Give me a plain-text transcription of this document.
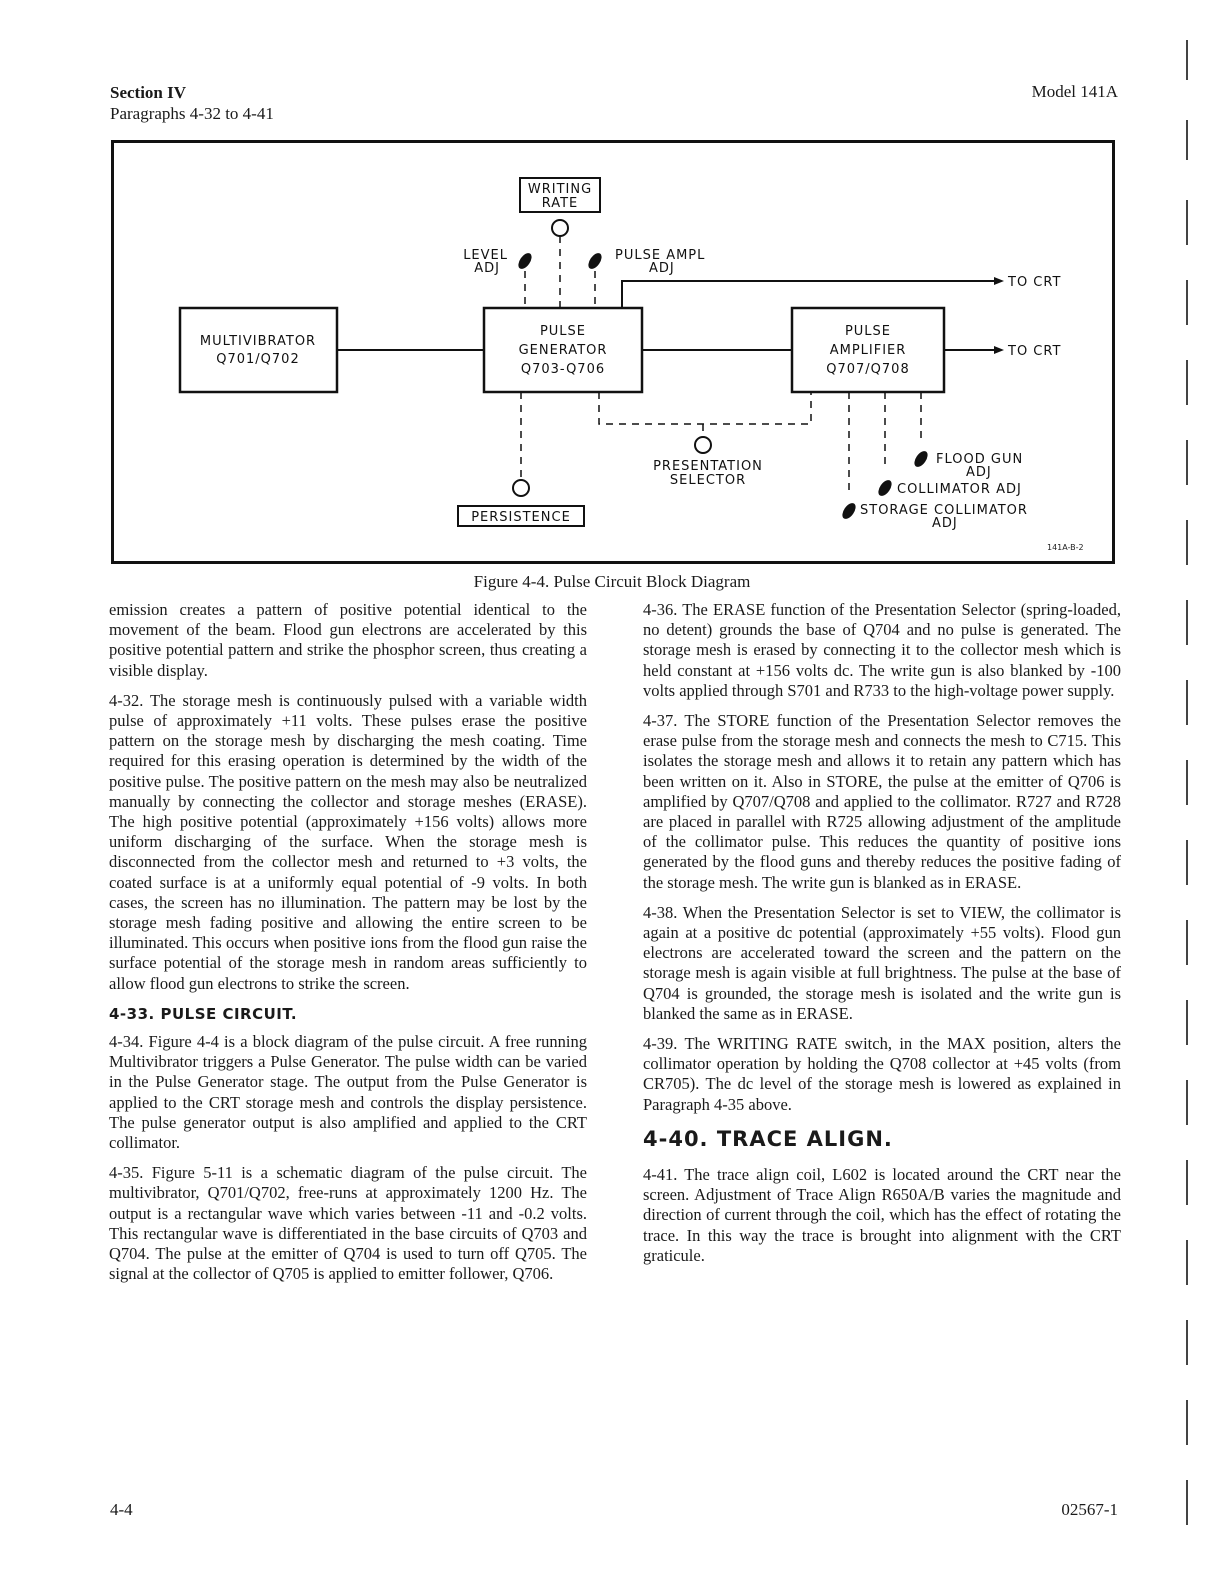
Section IV
Paragraphs 4-32 to 4-41
Model 141A
WRITING
RATE
LEVEL
ADJ
PULSE AMPL
ADJ
TO CRT
TO CRT
MULTIVIBRATOR
Q701/Q702
PULSE
GENERATOR
Q703-Q706
PULSE
AMPLIFIER
Q707/Q708
PRESENTATION
SELECTOR
PERSISTENCE
FLOOD GUN
ADJ
COLLIMATOR ADJ
STORAGE COLLIMATOR
ADJ
141A-B-2
Figure 4-4. Pulse Circuit Block Diagram

emission creates a pattern of positive potential identical to the movement of the beam. Flood gun electrons are accelerated by this positive potential pattern and strike the phosphor screen, thus creating a visible display.

4-32. The storage mesh is continuously pulsed with a variable width pulse of approximately +11 volts. These pulses erase the positive pattern on the storage mesh by discharging the mesh coating. Time required for this erasing operation is determined by the width of the positive pulse. The positive pattern on the mesh may also be neutralized manually by connecting the collector and storage meshes (ERASE). The high positive potential (approximately +156 volts) allows more uniform discharging of the surface. When the storage mesh is disconnected from the collector mesh and returned to +3 volts, the coated surface is at a uniformly equal potential of -9 volts. In both cases, the screen has no illumination. The pattern may be lost by the storage mesh fading positive and allowing the entire screen to be illuminated. This occurs when positive ions from the flood gun raise the surface potential of the storage mesh in random areas sufficiently to allow flood gun electrons to strike the screen.

4-33. PULSE CIRCUIT.

4-34. Figure 4-4 is a block diagram of the pulse circuit. A free running Multivibrator triggers a Pulse Generator. The pulse width can be varied in the Pulse Generator stage. The output from the Pulse Generator is applied to the CRT storage mesh and controls the display persistence. The pulse generator output is also amplified and applied to the CRT collimator.

4-35. Figure 5-11 is a schematic diagram of the pulse circuit. The multivibrator, Q701/Q702, free-runs at approximately 1200 Hz. The output is a rectangular wave which varies between -11 and -0.2 volts. This rectangular wave is differentiated in the base circuits of Q703 and Q704. The pulse at the emitter of Q704 is used to turn off Q705. The signal at the collector of Q705 is applied to emitter follower, Q706.

4-36. The ERASE function of the Presentation Selector (spring-loaded, no detent) grounds the base of Q704 and no pulse is generated. The storage mesh is erased by connecting it to the collector mesh which is held constant at +156 volts dc. The write gun is also blanked by -100 volts applied through S701 and R733 to the high-voltage power supply.

4-37. The STORE function of the Presentation Selector removes the erase pulse from the storage mesh and connects the mesh to C715. This isolates the storage mesh and allows it to retain any pattern which has been written on it. Also in STORE, the pulse at the emitter of Q706 is amplified by Q707/Q708 and applied to the collimator. R727 and R728 are placed in parallel with R725 allowing adjustment of the amplitude of the collimator pulse. This reduces the quantity of positive ions generated by the flood guns and thereby reduces the positive fading of the storage mesh. The write gun is blanked as in ERASE.

4-38. When the Presentation Selector is set to VIEW, the collimator is again at a positive dc potential (approximately +55 volts). Flood gun electrons are accelerated toward the screen and the pattern on the storage mesh is again visible at full brightness. The pulse at the base of Q704 is grounded, the storage mesh is isolated and the write gun is blanked the same as in ERASE.

4-39. The WRITING RATE switch, in the MAX position, alters the collimator operation by holding the Q708 collector at +45 volts (from CR705). The dc level of the storage mesh is lowered as explained in Paragraph 4-35 above.

4-40. TRACE ALIGN.

4-41. The trace align coil, L602 is located around the CRT near the screen. Adjustment of Trace Align R650A/B varies the magnitude and direction of current through the coil, which has the effect of rotating the trace. In this way the trace is brought into alignment with the CRT graticule.

4-4	02567-1
